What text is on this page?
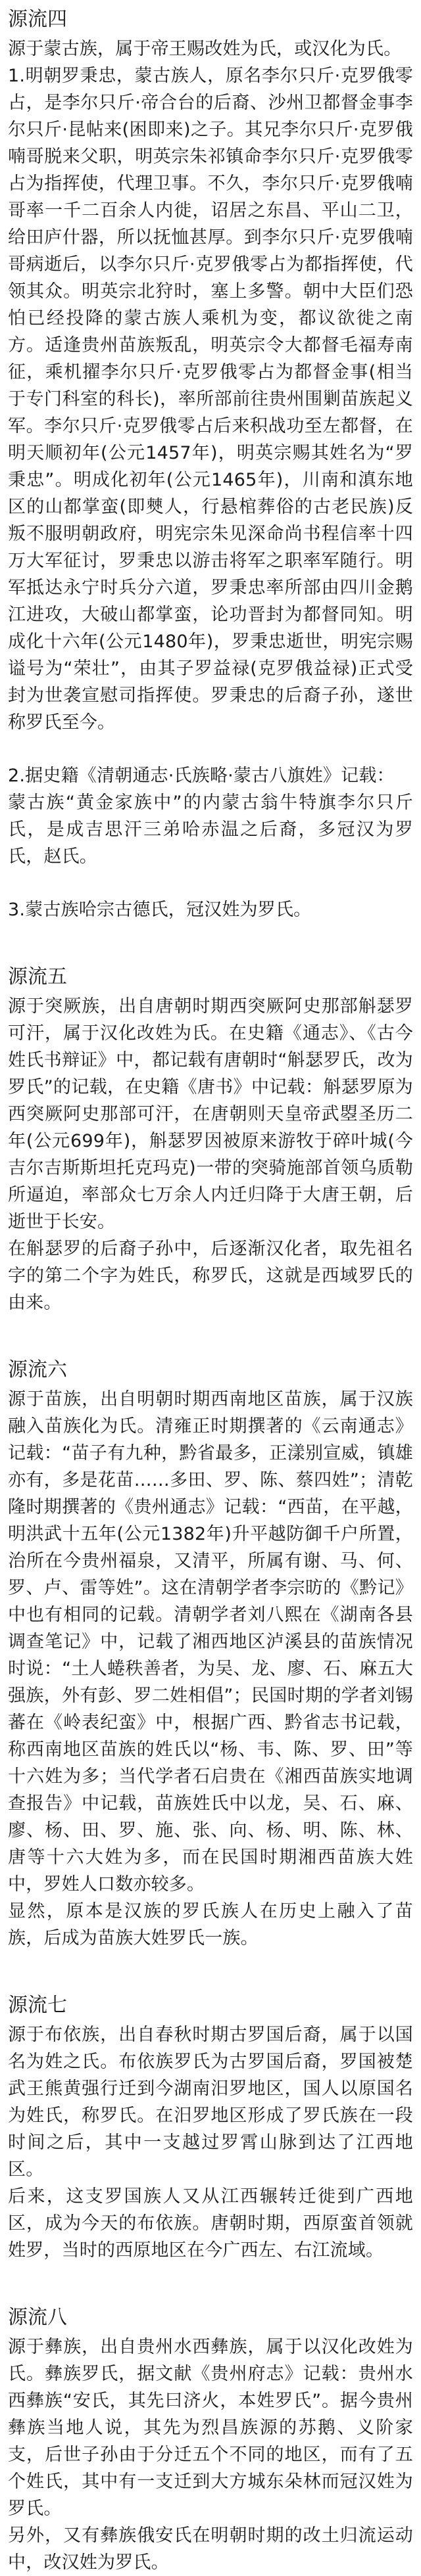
源流四
源于蒙古族，属于帝王赐改姓为氏，或汉化为氏。
1.明朝罗秉忠，蒙古族人，原名李尔只斤·克罗俄零占，是李尔只斤·帝合台的后裔、沙州卫都督金事李尔只斤·昆帖来(困即来)之子。其兄李尔只斤·克罗俄喃哥脱来父职，明英宗朱祁镇命李尔只斤·克罗俄零占为指挥使，代理卫事。不久，李尔只斤·克罗俄喃哥率一千二百余人内徙，诏居之东昌、平山二卫，给田庐什器，所以抚恤甚厚。到李尔只斤·克罗俄喃哥病逝后，以李尔只斤·克罗俄零占为都指挥使，代领其众。明英宗北狩时，塞上多警。朝中大臣们恐怕已经投降的蒙古族人乘机为变，都议欲徙之南方。适逢贵州苗族叛乱，明英宗令大都督毛福寿南征，乘机擢李尔只斤·克罗俄零占为都督金事(相当于专门科室的科长)，率所部前往贵州围剿苗族起义军。李尔只斤·克罗俄零占后来积战功至左都督，在明天顺初年(公元1457年)，明英宗赐其姓名为“罗秉忠”。明成化初年(公元1465年)，川南和滇东地区的山都掌蛮(即僰人，行悬棺葬俗的古老民族)反叛不服明朝政府，明宪宗朱见深命尚书程信率十四万大军征讨，罗秉忠以游击将军之职率军随行。明军抵达永宁时兵分六道，罗秉忠率所部由四川金鹅江进攻，大破山都掌蛮，论功晋封为都督同知。明成化十六年(公元1480年)，罗秉忠逝世，明宪宗赐谥号为“荣壮”，由其子罗益禄(克罗俄益禄)正式受封为世袭宣慰司指挥使。罗秉忠的后裔子孙，遂世称罗氏至今。
2.据史籍《清朝通志·氏族略·蒙古八旗姓》记载：
蒙古族“黄金家族中”的内蒙古翁牛特旗李尔只斤氏，是成吉思汗三弟哈赤温之后裔，多冠汉为罗氏，赵氏。
3.蒙古族哈宗古德氏，冠汉姓为罗氏。
源流五
源于突厥族，出自唐朝时期西突厥阿史那部斛瑟罗可汗，属于汉化改姓为氏。在史籍《通志》、《古今姓氏书辩证》中，都记载有唐朝时“斛瑟罗氏，改为罗氏”的记载，在史籍《唐书》中记载：斛瑟罗原为西突厥阿史那部可汗，在唐朝则天皇帝武曌圣历二年(公元699年)，斛瑟罗因被原来游牧于碎叶城(今吉尔吉斯斯坦托克玛克)一带的突骑施部首领乌质勒所逼迫，率部众七万余人内迁归降于大唐王朝，后逝世于长安。
在斛瑟罗的后裔子孙中，后逐渐汉化者，取先祖名字的第二个字为姓氏，称罗氏，这就是西域罗氏的由来。
源流六
源于苗族，出自明朝时期西南地区苗族，属于汉族融入苗族化为氏。清雍正时期撰著的《云南通志》记载：“苗子有九种，黔省最多，正漾别宣威，镇雄亦有，多是花苗……多田、罗、陈、蔡四姓”；清乾隆时期撰著的《贵州通志》记载：“西苗，在平越，明洪武十五年(公元1382年)升平越防御千户所置，治所在今贵州福泉，又清平，所属有谢、马、何、罗、卢、雷等姓”。这在清朝学者李宗昉的《黔记》中也有相同的记载。清朝学者刘八熙在《湖南各县调查笔记》中，记载了湘西地区泸溪县的苗族情况时说：“土人蜷秩善者，为吴、龙、廖、石、麻五大强族，外有彭、罗二姓相倡”；民国时期的学者刘锡蕃在《岭表纪蛮》中，根据广西、黔省志书记载，称西南地区苗族的姓氏以“杨、韦、陈、罗、田”等十六姓为多；当代学者石启贵在《湘西苗族实地调查报告》中记载，苗族姓氏中以龙，吴、石、麻、廖、杨、田、罗、施、张、向、杨、明、陈、林、唐等十六大姓为多，而在民国时期湘西苗族大姓中，罗姓人口数亦较多。
显然，原本是汉族的罗氏族人在历史上融入了苗族，后成为苗族大姓罗氏一族。
源流七
源于布依族，出自春秋时期古罗国后裔，属于以国名为姓之氏。布依族罗氏为古罗国后裔，罗国被楚武王熊黄强行迁到今湖南汨罗地区，国人以原国名为姓氏，称罗氏。在汨罗地区形成了罗氏族在一段时间之后，其中一支越过罗霄山脉到达了江西地区。
后来，这支罗国族人又从江西辗转迁徙到广西地区，成为今天的布依族。唐朝时期，西原蛮首领就姓罗，当时的西原地区在今广西左、右江流域。
源流八
源于彝族，出自贵州水西彝族，属于以汉化改姓为氏。彝族罗氏，据文献《贵州府志》记载：贵州水西彝族“安氏，其先曰济火，本姓罗氏”。据今贵州彝族当地人说，其先为烈昌族源的苏鹅、义阶家支，后世子孙由于分迁五个不同的地区，而有了五个姓氏，其中有一支迁到大方城东朵林而冠汉姓为罗氏。
另外，又有彝族俄安氏在明朝时期的改土归流运动中，改汉姓为罗氏。
